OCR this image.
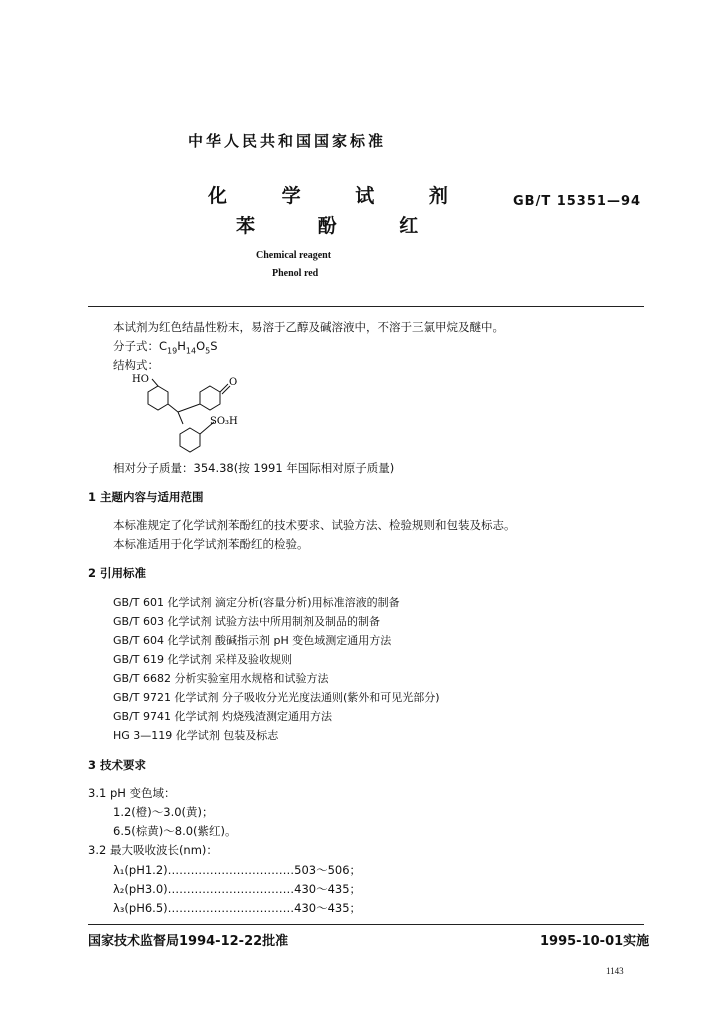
中华人民共和国国家标准
化 学 试 剂
苯 酚 红
GB/T 15351—94
Chemical reagent
Phenol red
本试剂为红色结晶性粉末，易溶于乙醇及碱溶液中，不溶于三氯甲烷及醚中。
分子式：$C_{19}H_{14}O_5S$
结构式：
HO	O
SO₃H
相对分子质量：354.38(按 1991 年国际相对原子质量)
1 主题内容与适用范围
本标准规定了化学试剂苯酚红的技术要求、试验方法、检验规则和包装及标志。
本标准适用于化学试剂苯酚红的检验。
2 引用标准
GB/T 601 化学试剂 滴定分析(容量分析)用标准溶液的制备
GB/T 603 化学试剂 试验方法中所用制剂及制品的制备
GB/T 604 化学试剂 酸碱指示剂 pH 变色域测定通用方法
GB/T 619 化学试剂 采样及验收规则
GB/T 6682 分析实验室用水规格和试验方法
GB/T 9721 化学试剂 分子吸收分光光度法通则(紫外和可见光部分)
GB/T 9741 化学试剂 灼烧残渣测定通用方法
HG 3—119 化学试剂 包装及标志
3 技术要求
3.1 pH 变色域：
1.2(橙)～3.0(黄)；
6.5(棕黄)～8.0(紫红)。
3.2 最大吸收波长(nm)：
λ₁(pH1.2)……………………………503～506；
λ₂(pH3.0)……………………………430～435；
λ₃(pH6.5)……………………………430～435；
国家技术监督局1994-12-22批准	1995-10-01实施
1143
